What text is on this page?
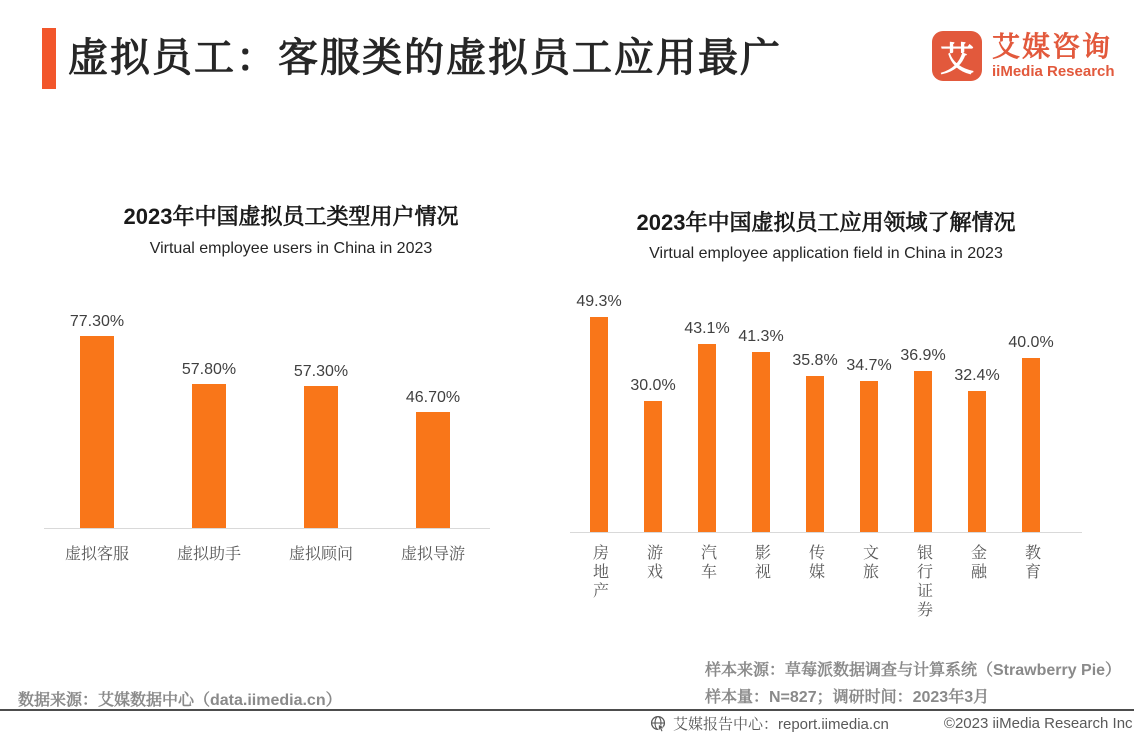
虚拟员工：客服类的虚拟员工应用最广	艾 艾媒咨询
iiMedia Research
2023年中国虚拟员工类型用户情况
Virtual employee users in China in 2023
77.30%
57.80%	57.30%
46.70%
虚拟客服	虚拟助手	虚拟顾问	虚拟导游
2023年中国虚拟员工应用领域了解情况
Virtual employee application field in China in 2023
49.3%
30.0%
43.1% 41.3%
35.8% 34.7%
36.9%
32.4%
40.0%
房地产 游戏 汽车 影视 传媒 文旅 银行证券 金融 教育
数据来源：艾媒数据中心（data.iimedia.cn）
样本来源：草莓派数据调查与计算系统（Strawberry Pie）
样本量：N=827；调研时间：2023年3月
艾媒报告中心：report.iimedia.cn	©2023 iiMedia Research Inc
